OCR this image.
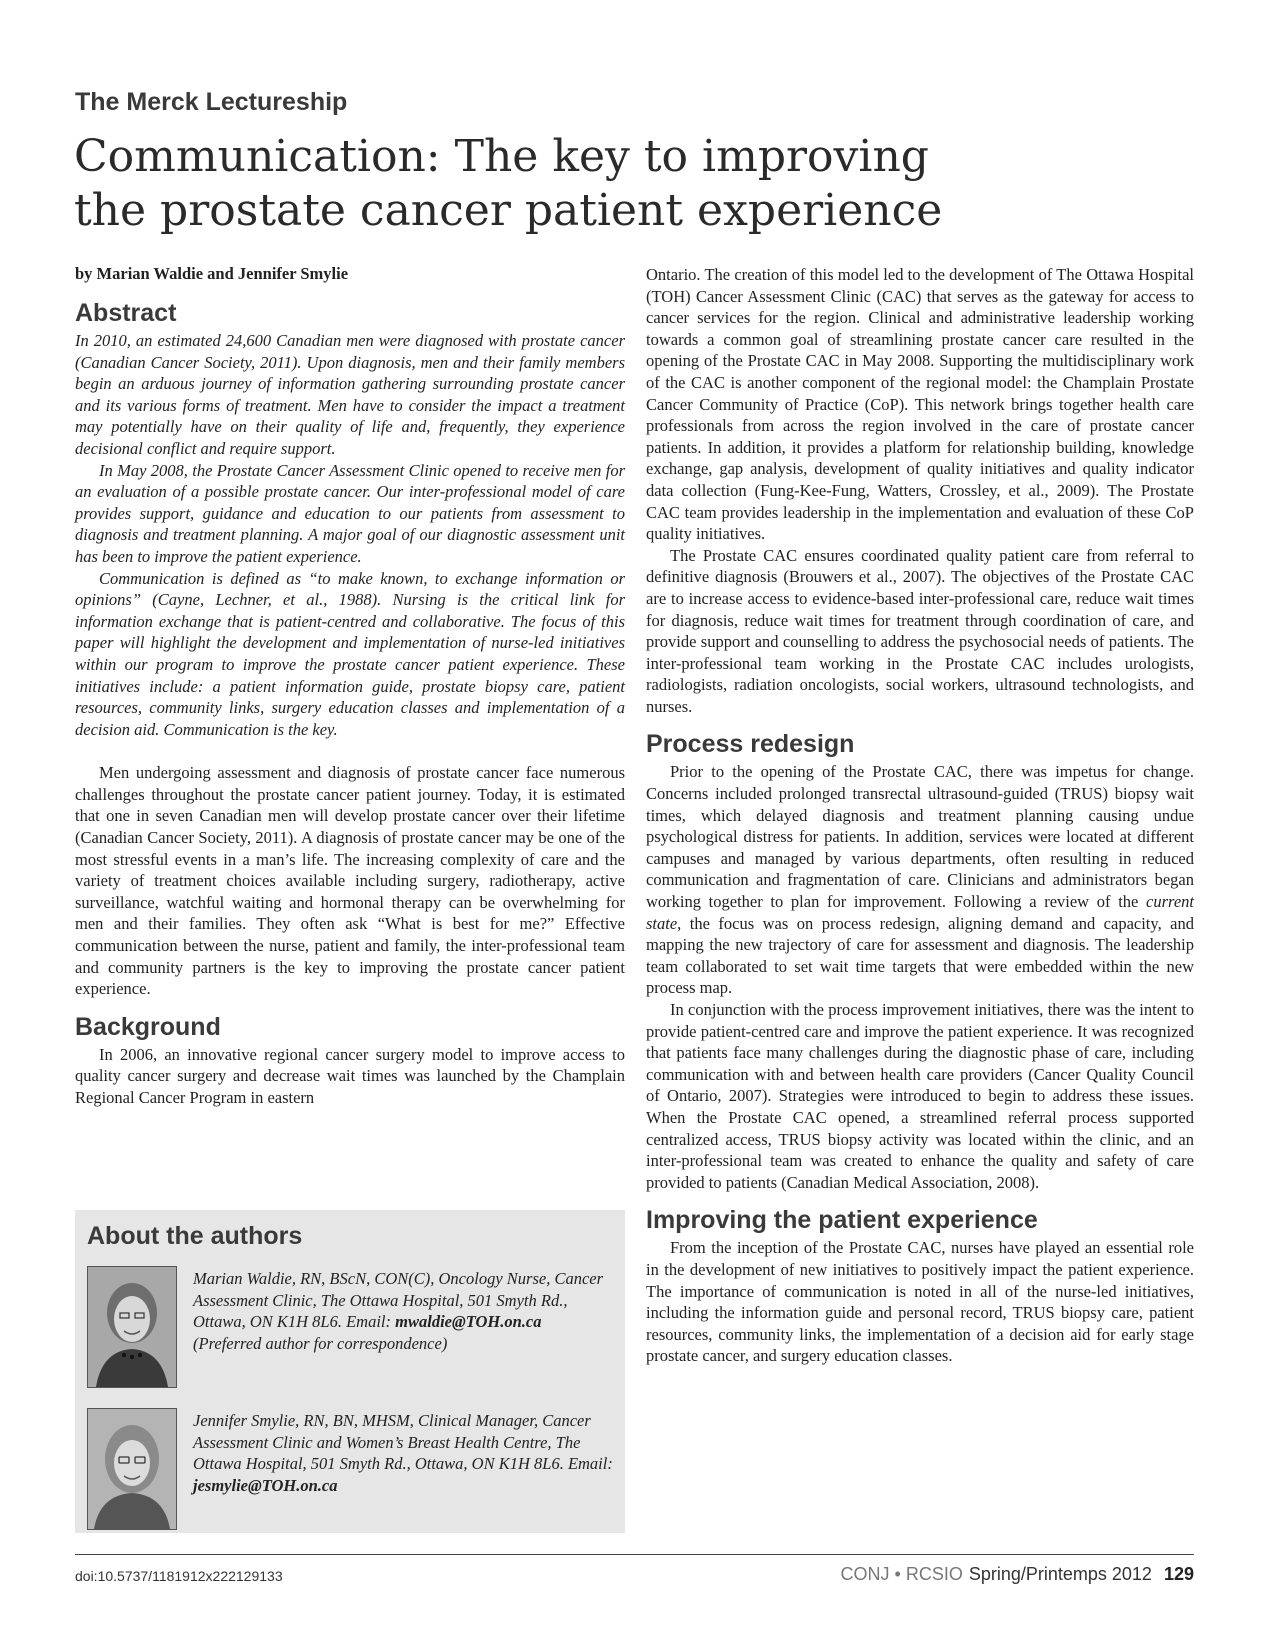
The Merck Lectureship
Communication: The key to improving
the prostate cancer patient experience
by Marian Waldie and Jennifer Smylie
Abstract

In 2010, an estimated 24,600 Canadian men were diagnosed with prostate cancer (Canadian Cancer Society, 2011). Upon diagnosis, men and their family members begin an arduous journey of information gathering surrounding prostate cancer and its various forms of treatment. Men have to consider the impact a treatment may potentially have on their quality of life and, frequently, they experience decisional conflict and require support.

In May 2008, the Prostate Cancer Assessment Clinic opened to receive men for an evaluation of a possible prostate cancer. Our inter-professional model of care provides support, guidance and education to our patients from assessment to diagnosis and treatment planning. A major goal of our diagnostic assessment unit has been to improve the patient experience.

Communication is defined as “to make known, to exchange information or opinions” (Cayne, Lechner, et al., 1988). Nursing is the critical link for information exchange that is patient-centred and collaborative. The focus of this paper will highlight the development and implementation of nurse-led initiatives within our program to improve the prostate cancer patient experience. These initiatives include: a patient information guide, prostate biopsy care, patient resources, community links, surgery education classes and implementation of a decision aid. Communication is the key.

Men undergoing assessment and diagnosis of prostate cancer face numerous challenges throughout the prostate cancer patient journey. Today, it is estimated that one in seven Canadian men will develop prostate cancer over their lifetime (Canadian Cancer Society, 2011). A diagnosis of prostate cancer may be one of the most stressful events in a man’s life. The increasing complexity of care and the variety of treatment choices available including surgery, radiotherapy, active surveillance, watchful waiting and hormonal therapy can be overwhelming for men and their families. They often ask “What is best for me?” Effective communication between the nurse, patient and family, the inter-professional team and community partners is the key to improving the prostate cancer patient experience.

Background

In 2006, an innovative regional cancer surgery model to improve access to quality cancer surgery and decrease wait times was launched by the Champlain Regional Cancer Program in eastern

About the authors
Marian Waldie, RN, BScN, CON(C), Oncology Nurse, Cancer Assessment Clinic, The Ottawa Hospital, 501 Smyth Rd., Ottawa, ON K1H 8L6. Email: mwaldie@TOH.on.ca (Preferred author for correspondence)
Jennifer Smylie, RN, BN, MHSM, Clinical Manager, Cancer Assessment Clinic and Women’s Breast Health Centre, The Ottawa Hospital, 501 Smyth Rd., Ottawa, ON K1H 8L6. Email: jesmylie@TOH.on.ca

Ontario. The creation of this model led to the development of The Ottawa Hospital (TOH) Cancer Assessment Clinic (CAC) that serves as the gateway for access to cancer services for the region. Clinical and administrative leadership working towards a common goal of streamlining prostate cancer care resulted in the opening of the Prostate CAC in May 2008. Supporting the multidisciplinary work of the CAC is another component of the regional model: the Champlain Prostate Cancer Community of Practice (CoP). This network brings together health care professionals from across the region involved in the care of prostate cancer patients. In addition, it provides a platform for relationship building, knowledge exchange, gap analysis, development of quality initiatives and quality indicator data collection (Fung-Kee-Fung, Watters, Crossley, et al., 2009). The Prostate CAC team provides leadership in the implementation and evaluation of these CoP quality initiatives.

The Prostate CAC ensures coordinated quality patient care from referral to definitive diagnosis (Brouwers et al., 2007). The objectives of the Prostate CAC are to increase access to evidence-based inter-professional care, reduce wait times for diagnosis, reduce wait times for treatment through coordination of care, and provide support and counselling to address the psychosocial needs of patients. The inter-professional team working in the Prostate CAC includes urologists, radiologists, radiation oncologists, social workers, ultrasound technologists, and nurses.

Process redesign

Prior to the opening of the Prostate CAC, there was impetus for change. Concerns included prolonged transrectal ultrasound-guided (TRUS) biopsy wait times, which delayed diagnosis and treatment planning causing undue psychological distress for patients. In addition, services were located at different campuses and managed by various departments, often resulting in reduced communication and fragmentation of care. Clinicians and administrators began working together to plan for improvement. Following a review of the current state, the focus was on process redesign, aligning demand and capacity, and mapping the new trajectory of care for assessment and diagnosis. The leadership team collaborated to set wait time targets that were embedded within the new process map.

In conjunction with the process improvement initiatives, there was the intent to provide patient-centred care and improve the patient experience. It was recognized that patients face many challenges during the diagnostic phase of care, including communication with and between health care providers (Cancer Quality Council of Ontario, 2007). Strategies were introduced to begin to address these issues. When the Prostate CAC opened, a streamlined referral process supported centralized access, TRUS biopsy activity was located within the clinic, and an inter-professional team was created to enhance the quality and safety of care provided to patients (Canadian Medical Association, 2008).

Improving the patient experience

From the inception of the Prostate CAC, nurses have played an essential role in the development of new initiatives to positively impact the patient experience. The importance of communication is noted in all of the nurse-led initiatives, including the information guide and personal record, TRUS biopsy care, patient resources, community links, the implementation of a decision aid for early stage prostate cancer, and surgery education classes.

doi:10.5737/1181912x222129133	CONJ • RCSIO Spring/Printemps 2012 129
